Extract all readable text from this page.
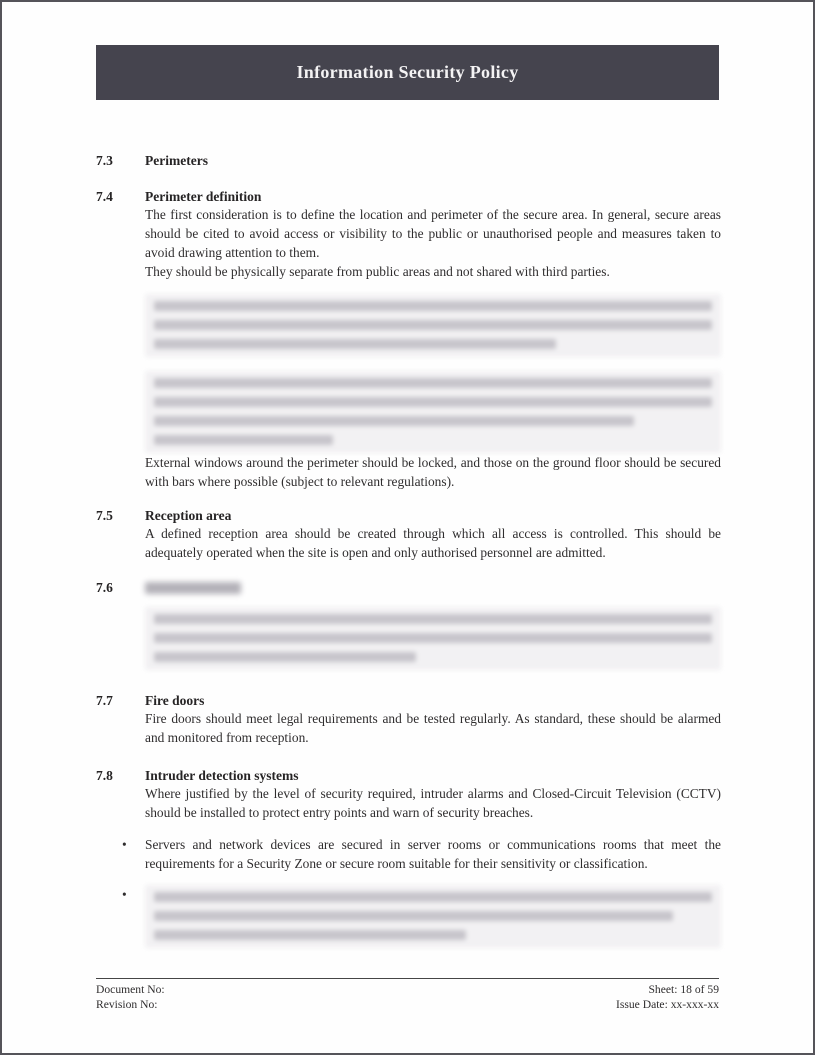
Information Security Policy
7.3	Perimeters
7.4	Perimeter definition

The first consideration is to define the location and perimeter of the secure area. In general, secure areas should be cited to avoid access or visibility to the public or unauthorised people and measures taken to avoid drawing attention to them.

They should be physically separate from public areas and not shared with third parties.

External windows around the perimeter should be locked, and those on the ground floor should be secured with bars where possible (subject to relevant regulations).

7.5	Reception area

A defined reception area should be created through which all access is controlled. This should be adequately operated when the site is open and only authorised personnel are admitted.

7.6
7.7	Fire doors

Fire doors should meet legal requirements and be tested regularly. As standard, these should be alarmed and monitored from reception.

7.8	Intruder detection systems

Where justified by the level of security required, intruder alarms and Closed-Circuit Television (CCTV) should be installed to protect entry points and warn of security breaches.

• Servers and network devices are secured in server rooms or communications rooms that meet the requirements for a Security Zone or secure room suitable for their sensitivity or classification.

•
Document No:
Revision No:
Sheet: 18 of 59
Issue Date: xx-xxx-xx
